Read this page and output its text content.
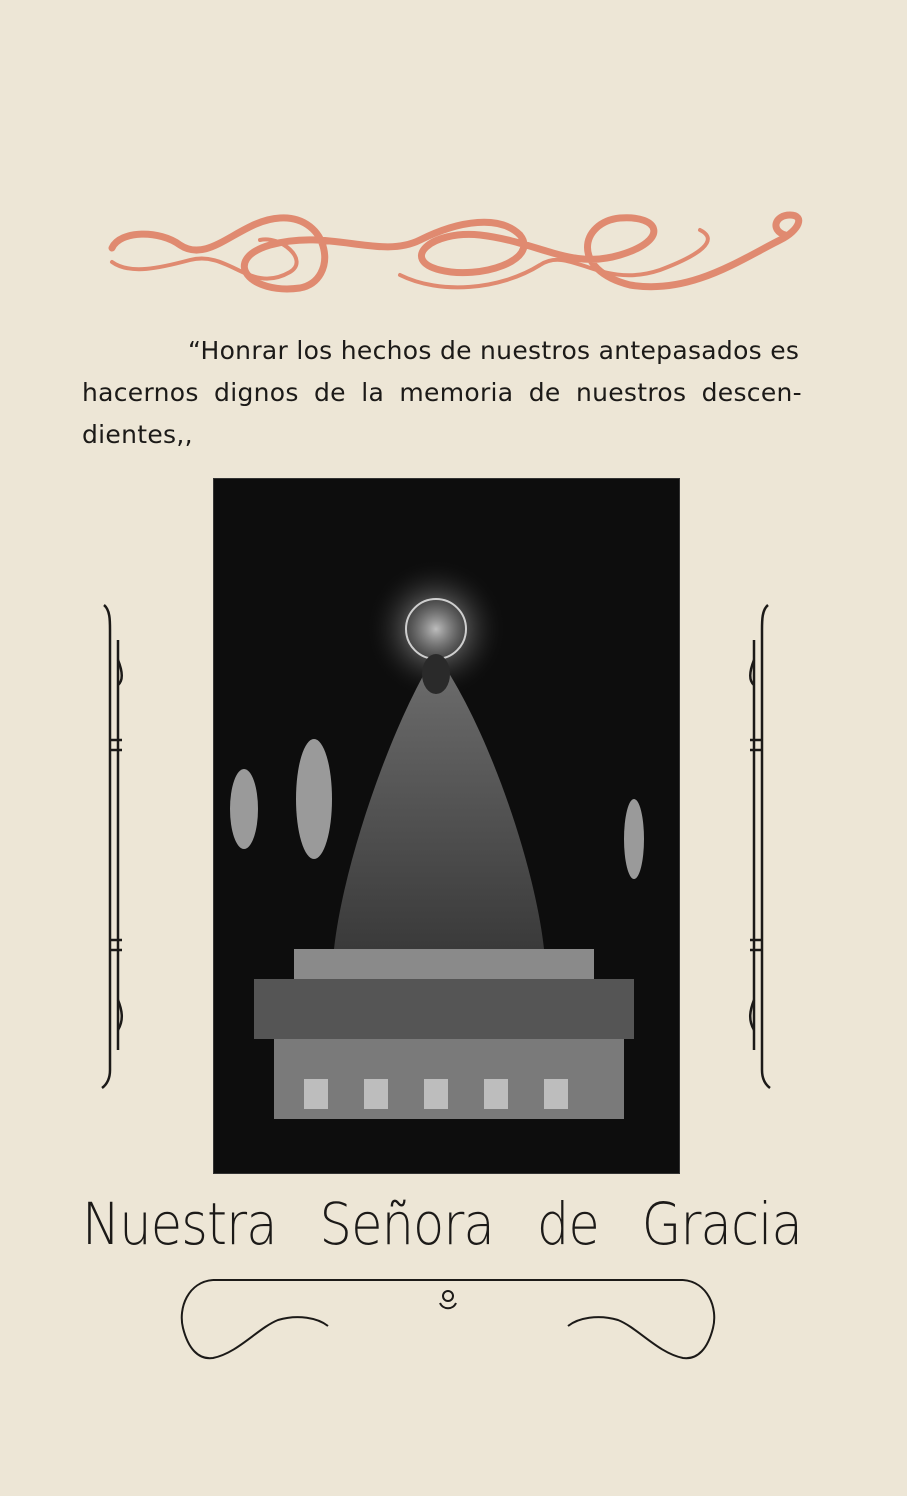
“Honrar los hechos de nuestros antepasados es
hacernos dignos de la memoria de nuestros descen-
dientes,,
Nuestra Señora de Gracia
